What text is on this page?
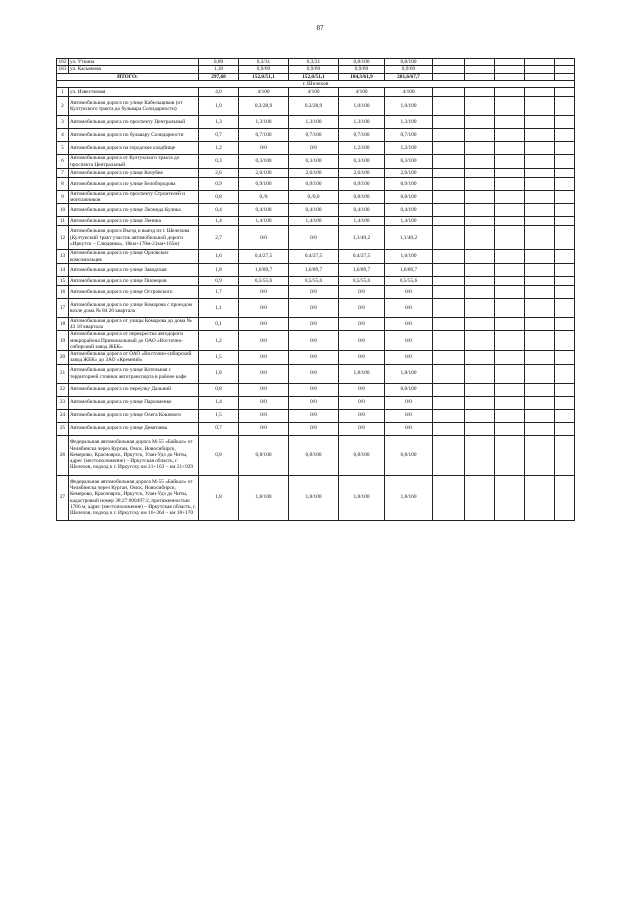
87
182	ул. Уткина	0,80	0,3/31	0,3/31	0,8/100	0,8/100					
183	ул. Касьянова	1,30	0,9/69	0,9/69	0,9/69	0,9/69					
ИТОГО:		297,68	152,0/51,1	152,0/51,1	184,3/61,9	201,6/67,7					
г. Шелехов											
1	ул. Известковая	4,0	4/100	4/100	4/100	4/100					
2	Автомобильная дорога по улице Кабельщиков (от Култукского тракта до бульвара Солидарности)	1,0	0,3/28,9	0,3/28,9	1,0/100	1,0/100					
3	Автомобильная дорога по проспекту Центральный	1,3	1,3/100	1,3/100	1,3/100	1,3/100					
4	Автомобильная дорога по бульвару Солидарности	0,7	0,7/100	0,7/100	0,7/100	0,7/100					
5	Автомобильная дорога на городское кладбище	1,2	0/0	0/0	1,2/100	1,2/100					
6	Автомобильная дорога от Култукского тракта до проспекта Центральный	0,3	0,3/100	0,3/100	0,3/100	0,3/100					
7	Автомобильная дорога по улице Кочубея	2,6	2,6/100	2,6/100	2,6/100	2,6/100					
8	Автомобильная дорога по улице Белобородова	0,9	0,9/100	0,9/100	0,9/100	0,9/100					
9	Автомобильная дорога по проспекту Строителей и монтажников	0,8	0,/0	0,/0,0	0,8/100	0,8/100					
10	Автомобильная дорога по улице Леонида Кулика	0,4	0,4/100	0,4/100	0,4/100	0,4/100					
11	Автомобильная дорога по улице Ленина	1,4	1,4/100	1,4/100	1,4/100	1,4/100					
12	Автомобильная дорога Въезд и выезд из г. Шелехова (Култукский тракт участок автомобильной дороги «Иркутск – Слюдянка», 18км+170м-21км+165м)	2,7	0/0	0/0	1,1/40,2	1,1/40,2					
13	Автомобильная дорога по улице Орловских комсомольцев	1,6	0,4/27,5	0,4/27,5	0,4/27,5	1,6/100					
14	Автомобильная дорога по улице Заводская	1,8	1,6/89,7	1,6/89,7	1,6/89,7	1,6/89,7					
15	Автомобильная дорога по улице Пионеров	0,9	0,5/55,6	0,5/55,6	0,5/55,6	0,5/55,6					
16	Автомобильная дорога по улице Островского	1,7	0/0	0/0	0/0	0/0					
17	Автомобильная дорога по улице Комарова с проездом возле дома № 84 20 квартала	1,1	0/0	0/0	0/0	0/0					
18	Автомобильная дорога от улицы Комарова до дома № 43 18 квартала	0,1	0/0	0/0	0/0	0/0					
19	Автомобильная дорога от перекрестка автодороги микрорайона Привокзальный до ОАО «Восточно-сибирский завод ЖБК»	1,2	0/0	0/0	0/0	0/0					
20	Автомобильная дорога от ОАО «Восточно-сибирский завод ЖБК» до ЗАО «Кремний»	1,5	0/0	0/0	0/0	0/0					
21	Автомобильная дорога по улице Котельная с территорией стоянки автотранспорта в районе кафе	1,8	0/0	0/0	1,8/100	1,8/100					
22	Автомобильная дорога по переулку Дальний	0,8	0/0	0/0	0/0	0,8/100					
23	Автомобильная дорога по улице Пархоменко	1,4	0/0	0/0	0/0	0/0					
24	Автомобильная дорога по улице Олега Кошевого	1,5	0/0	0/0	0/0	0/0					
25	Автомобильная дорога по улице Девятаева	0,7	0/0	0/0	0/0	0/0					
26	Федеральная автомобильная дорога М-55 «Байкал» от Челябинска через Курган, Омск, Новосибирск, Кемерово, Красноярск, Иркутск, Улан-Удэ до Читы, адрес (местоположение) – Иркутская область, г. Шелехов, подход к г. Иркутску км 21+163 – км 21+929	0,8	0,8/100	0,8/100	0,8/100	0,8/100					
27	Федеральная автомобильная дорога М-55 «Байкал» от Челябинска через Курган, Омск, Новосибирск, Кемерово, Красноярск, Иркутск, Улан-Удэ до Читы, кадастровый номер 38:27:000497:2, протяженностью 1766 м, адрес (местоположение) – Иркутская область, г. Шелехов, подход к г. Иркутску км 16+364 – км 18+170	1,8	1,8/100	1,8/100	1,8/100	1,8/160					
